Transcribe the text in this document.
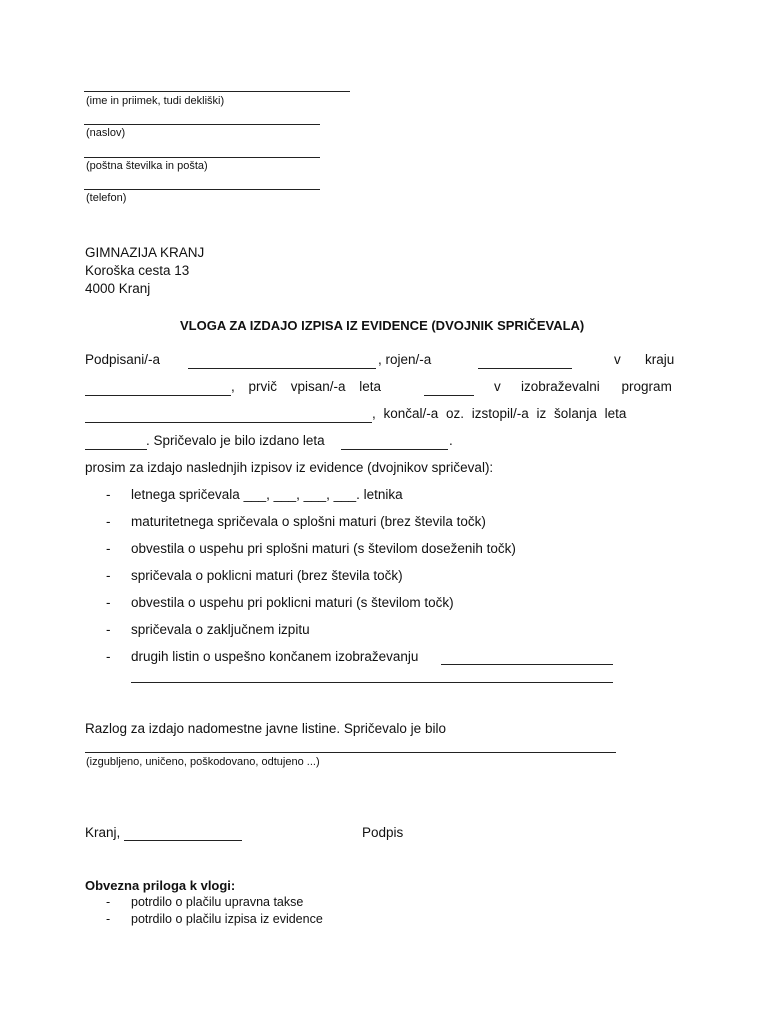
(ime in priimek, tudi dekliški)
(naslov)
(poštna številka in pošta)
(telefon)
GIMNAZIJA KRANJ
Koroška cesta 13
4000 Kranj
VLOGA ZA IZDAJO IZPISA IZ EVIDENCE (DVOJNIK SPRIČEVALA)
Podpisani/-a	, rojen/-a	v kraju
, prvič vpisan/-a leta	v izobraževalni program
, končal/-a oz. izstopil/-a iz šolanja leta
. Spričevalo je bilo izdano leta	.
prosim za izdajo naslednjih izpisov iz evidence (dvojnikov spričeval):
- letnega spričevala ___, ___, ___, ___. letnika
- maturitetnega spričevala o splošni maturi (brez števila točk)
- obvestila o uspehu pri splošni maturi (s številom doseženih točk)
- spričevala o poklicni maturi (brez števila točk)
- obvestila o uspehu pri poklicni maturi (s številom točk)
- spričevala o zaključnem izpitu
- drugih listin o uspešno končanem izobraževanju
Razlog za izdajo nadomestne javne listine. Spričevalo je bilo
(izgubljeno, uničeno, poškodovano, odtujeno ...)
Kranj,	Podpis
Obvezna priloga k vlogi:
- potrdilo o plačilu upravna takse
- potrdilo o plačilu izpisa iz evidence
